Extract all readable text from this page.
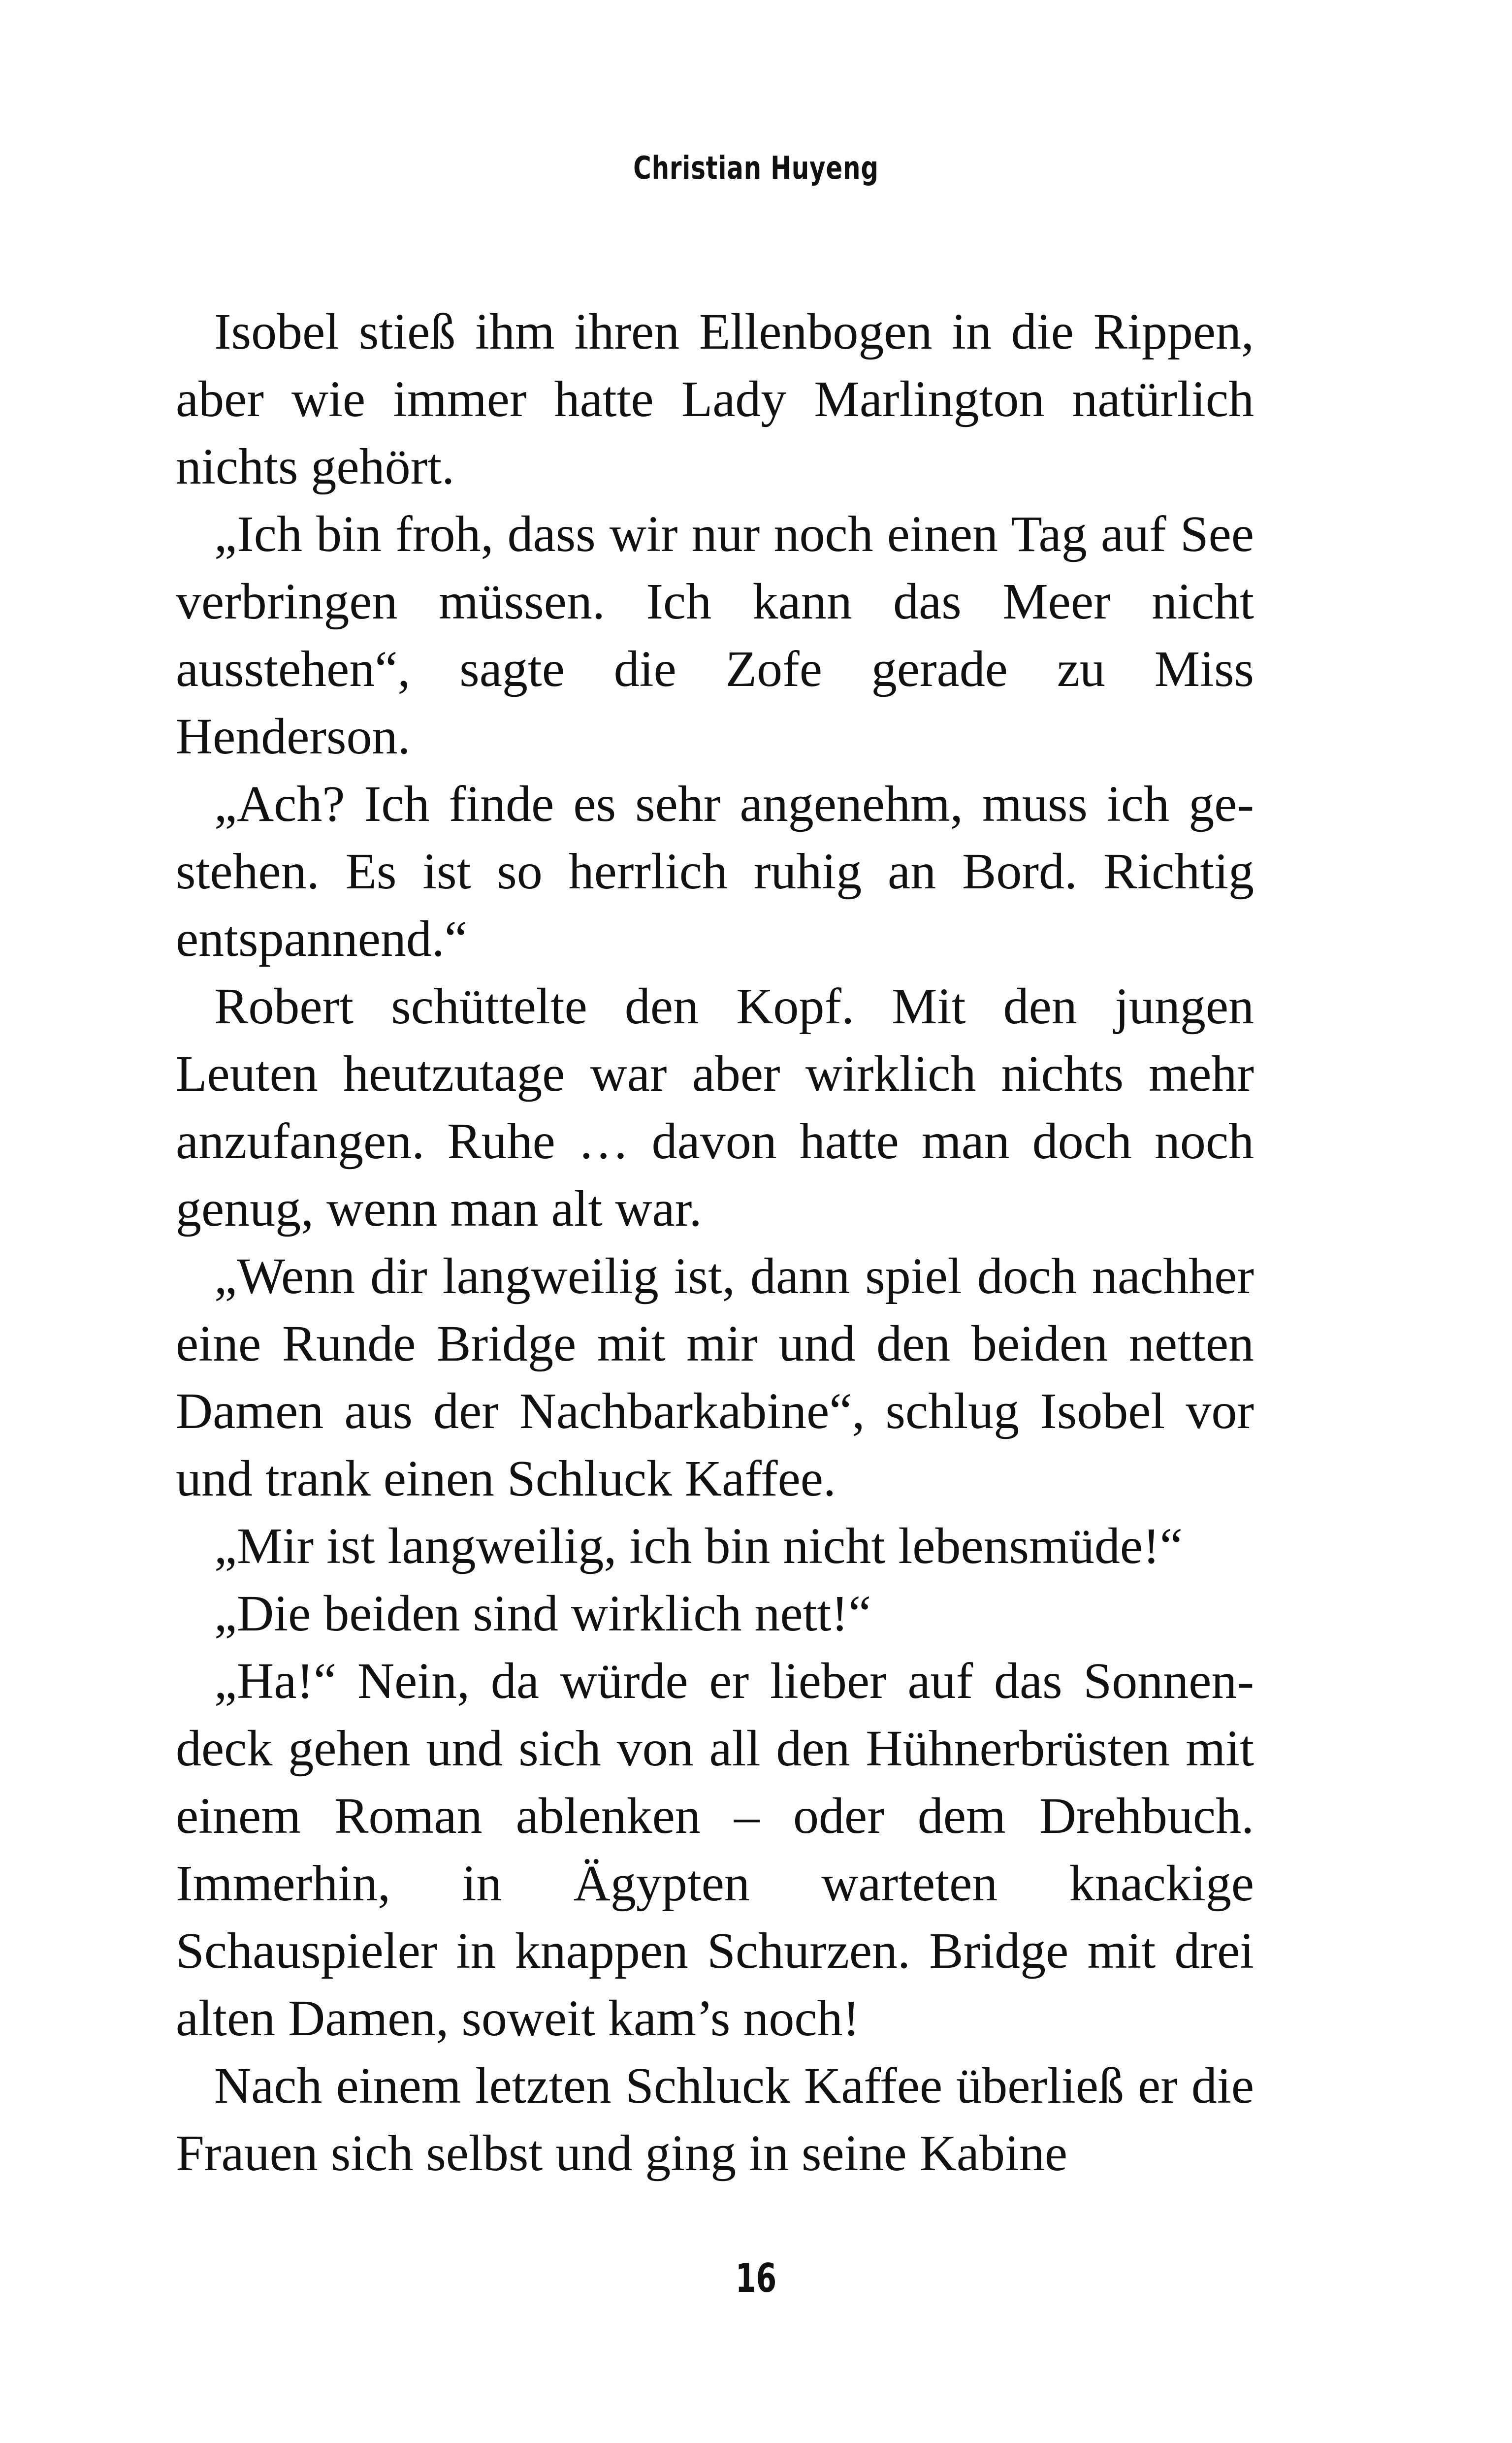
Christian Huyeng

Isobel stieß ihm ihren Ellenbogen in die Rippen, aber wie immer hatte Lady Marlington natürlich nichts gehört.

„Ich bin froh, dass wir nur noch einen Tag auf See verbringen müssen. Ich kann das Meer nicht ausstehen“, sagte die Zofe gerade zu Miss Henderson.

„Ach? Ich finde es sehr angenehm, muss ich gestehen. Es ist so herrlich ruhig an Bord. Richtig entspannend.“

Robert schüttelte den Kopf. Mit den jungen Leuten heutzutage war aber wirklich nichts mehr anzufangen. Ruhe … davon hatte man doch noch genug, wenn man alt war.

„Wenn dir langweilig ist, dann spiel doch nachher eine Runde Bridge mit mir und den beiden netten Damen aus der Nachbarkabine“, schlug Isobel vor und trank einen Schluck Kaffee.

„Mir ist langweilig, ich bin nicht lebensmüde!“

„Die beiden sind wirklich nett!“

„Ha!“ Nein, da würde er lieber auf das Sonnendeck gehen und sich von all den Hühnerbrüsten mit einem Roman ablenken – oder dem Drehbuch. Immerhin, in Ägypten warteten knackige Schauspieler in knappen Schurzen. Bridge mit drei alten Damen, soweit kam’s noch!

Nach einem letzten Schluck Kaffee überließ er die Frauen sich selbst und ging in seine Kabine

16
